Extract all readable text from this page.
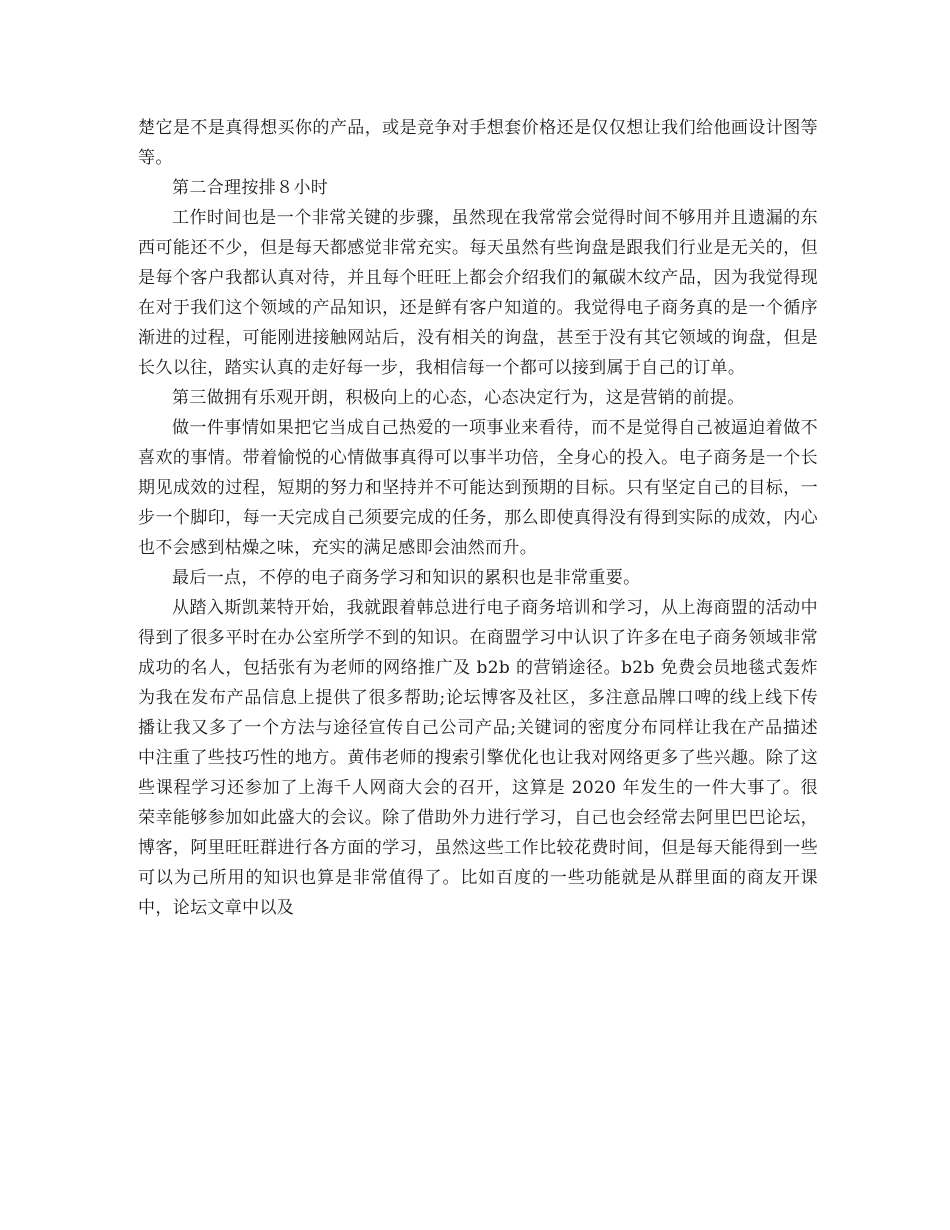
楚它是不是真得想买你的产品，或是竞争对手想套价格还是仅仅想让我们给他画设计图等等。

第二合理按排８小时

工作时间也是一个非常关键的步骤，虽然现在我常常会觉得时间不够用并且遗漏的东西可能还不少，但是每天都感觉非常充实。每天虽然有些询盘是跟我们行业是无关的，但是每个客户我都认真对待，并且每个旺旺上都会介绍我们的氟碳木纹产品，因为我觉得现在对于我们这个领域的产品知识，还是鲜有客户知道的。我觉得电子商务真的是一个循序渐进的过程，可能刚进接触网站后，没有相关的询盘，甚至于没有其它领域的询盘，但是长久以往，踏实认真的走好每一步，我相信每一个都可以接到属于自己的订单。

第三做拥有乐观开朗，积极向上的心态，心态决定行为，这是营销的前提。

做一件事情如果把它当成自己热爱的一项事业来看待，而不是觉得自己被逼迫着做不喜欢的事情。带着愉悦的心情做事真得可以事半功倍，全身心的投入。电子商务是一个长期见成效的过程，短期的努力和坚持并不可能达到预期的目标。只有坚定自己的目标，一步一个脚印，每一天完成自己须要完成的任务，那么即使真得没有得到实际的成效，内心也不会感到枯燥之味，充实的满足感即会油然而升。

最后一点，不停的电子商务学习和知识的累积也是非常重要。

从踏入斯凯莱特开始，我就跟着韩总进行电子商务培训和学习，从上海商盟的活动中得到了很多平时在办公室所学不到的知识。在商盟学习中认识了许多在电子商务领域非常成功的名人，包括张有为老师的网络推广及 b2b 的营销途径。b2b 免费会员地毯式轰炸为我在发布产品信息上提供了很多帮助;论坛博客及社区，多注意品牌口啤的线上线下传播让我又多了一个方法与途径宣传自己公司产品;关键词的密度分布同样让我在产品描述中注重了些技巧性的地方。黄伟老师的搜索引擎优化也让我对网络更多了些兴趣。除了这些课程学习还参加了上海千人网商大会的召开，这算是 2020 年发生的一件大事了。很荣幸能够参加如此盛大的会议。除了借助外力进行学习，自己也会经常去阿里巴巴论坛，博客，阿里旺旺群进行各方面的学习，虽然这些工作比较花费时间，但是每天能得到一些可以为己所用的知识也算是非常值得了。比如百度的一些功能就是从群里面的商友开课中，论坛文章中以及
